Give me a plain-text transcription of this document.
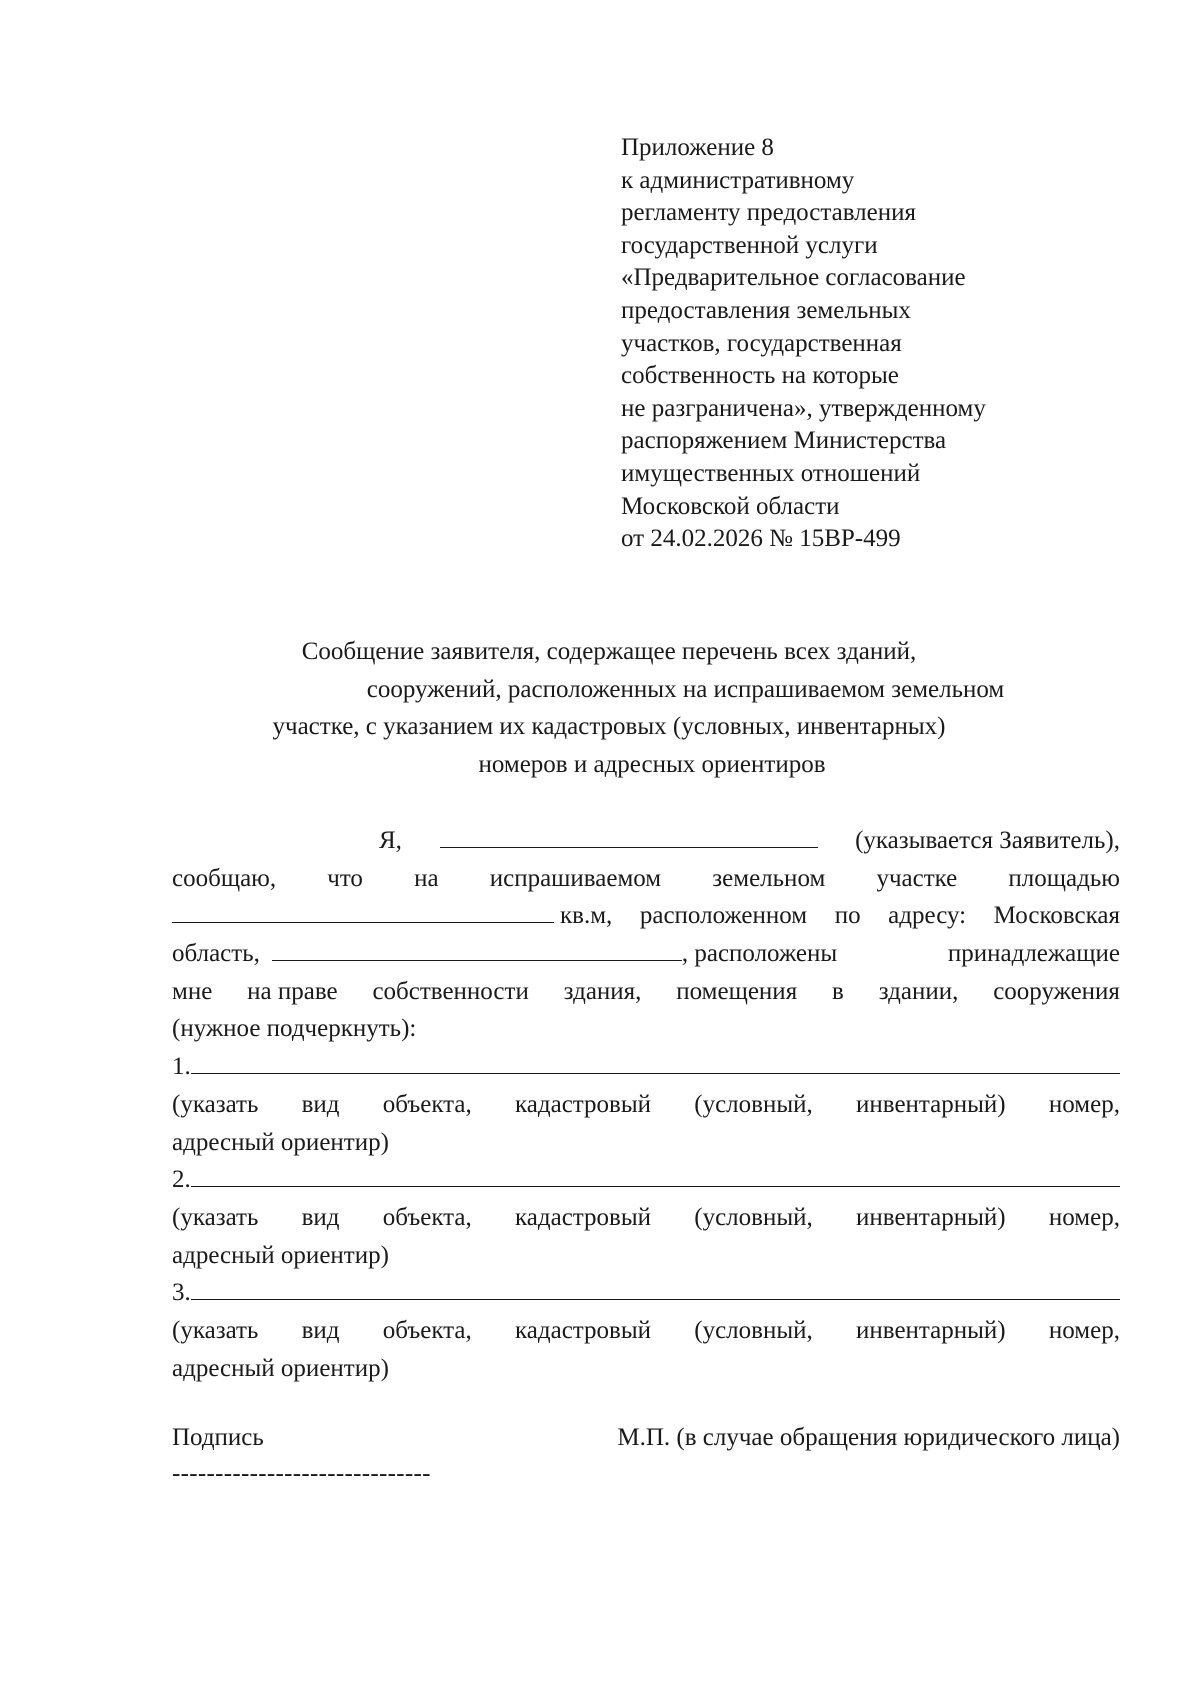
Приложение 8
к административному
регламенту предоставления
государственной услуги
«Предварительное согласование
предоставления земельных
участков, государственная
собственность на которые
не разграничена», утвержденному
распоряжением Министерства
имущественных отношений
Московской области
от 24.02.2026 № 15ВР-499
Сообщение заявителя, содержащее перечень всех зданий,
сооружений, расположенных на испрашиваемом земельном
участке, с указанием их кадастровых (условных, инвентарных)
номеров и адресных ориентиров
Я,	(указывается Заявитель),
сообщаю, что на испрашиваемом земельном участке площадью
кв.м, расположенном по адресу: Московская
область,	, расположены	принадлежащие
мне на праве собственности здания, помещения в здании, сооружения
(нужное подчеркнуть):
1.
(указать вид объекта, кадастровый (условный, инвентарный) номер,
адресный ориентир)
2.
(указать вид объекта, кадастровый (условный, инвентарный) номер,
адресный ориентир)
3.
(указать вид объекта, кадастровый (условный, инвентарный) номер,
адресный ориентир)
Подпись	М.П. (в случае обращения юридического лица)
------------------------------
